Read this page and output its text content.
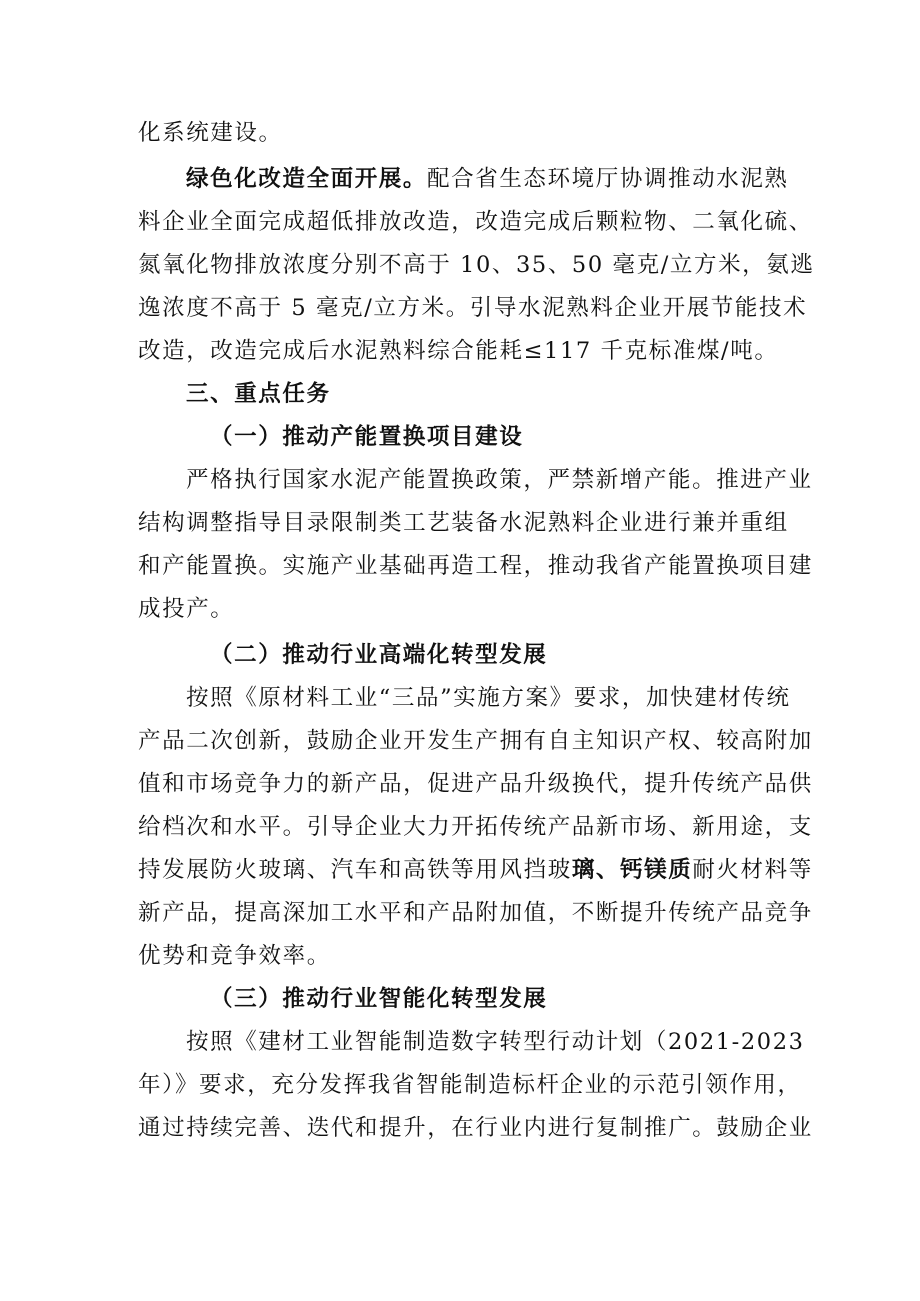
化系统建设。
绿色化改造全面开展。配合省生态环境厅协调推动水泥熟
料企业全面完成超低排放改造，改造完成后颗粒物、二氧化硫、
氮氧化物排放浓度分别不高于 10、35、50 毫克/立方米，氨逃
逸浓度不高于 5 毫克/立方米。引导水泥熟料企业开展节能技术
改造，改造完成后水泥熟料综合能耗≤117 千克标准煤/吨。
三、重点任务
（一）推动产能置换项目建设
严格执行国家水泥产能置换政策，严禁新增产能。推进产业
结构调整指导目录限制类工艺装备水泥熟料企业进行兼并重组
和产能置换。实施产业基础再造工程，推动我省产能置换项目建
成投产。
（二）推动行业高端化转型发展
按照《原材料工业“三品”实施方案》要求，加快建材传统
产品二次创新，鼓励企业开发生产拥有自主知识产权、较高附加
值和市场竞争力的新产品，促进产品升级换代，提升传统产品供
给档次和水平。引导企业大力开拓传统产品新市场、新用途，支
持发展防火玻璃、汽车和高铁等用风挡玻璃、钙镁质耐火材料等
新产品，提高深加工水平和产品附加值，不断提升传统产品竞争
优势和竞争效率。
（三）推动行业智能化转型发展
按照《建材工业智能制造数字转型行动计划（2021-2023
年）》要求，充分发挥我省智能制造标杆企业的示范引领作用，
通过持续完善、迭代和提升，在行业内进行复制推广。鼓励企业
